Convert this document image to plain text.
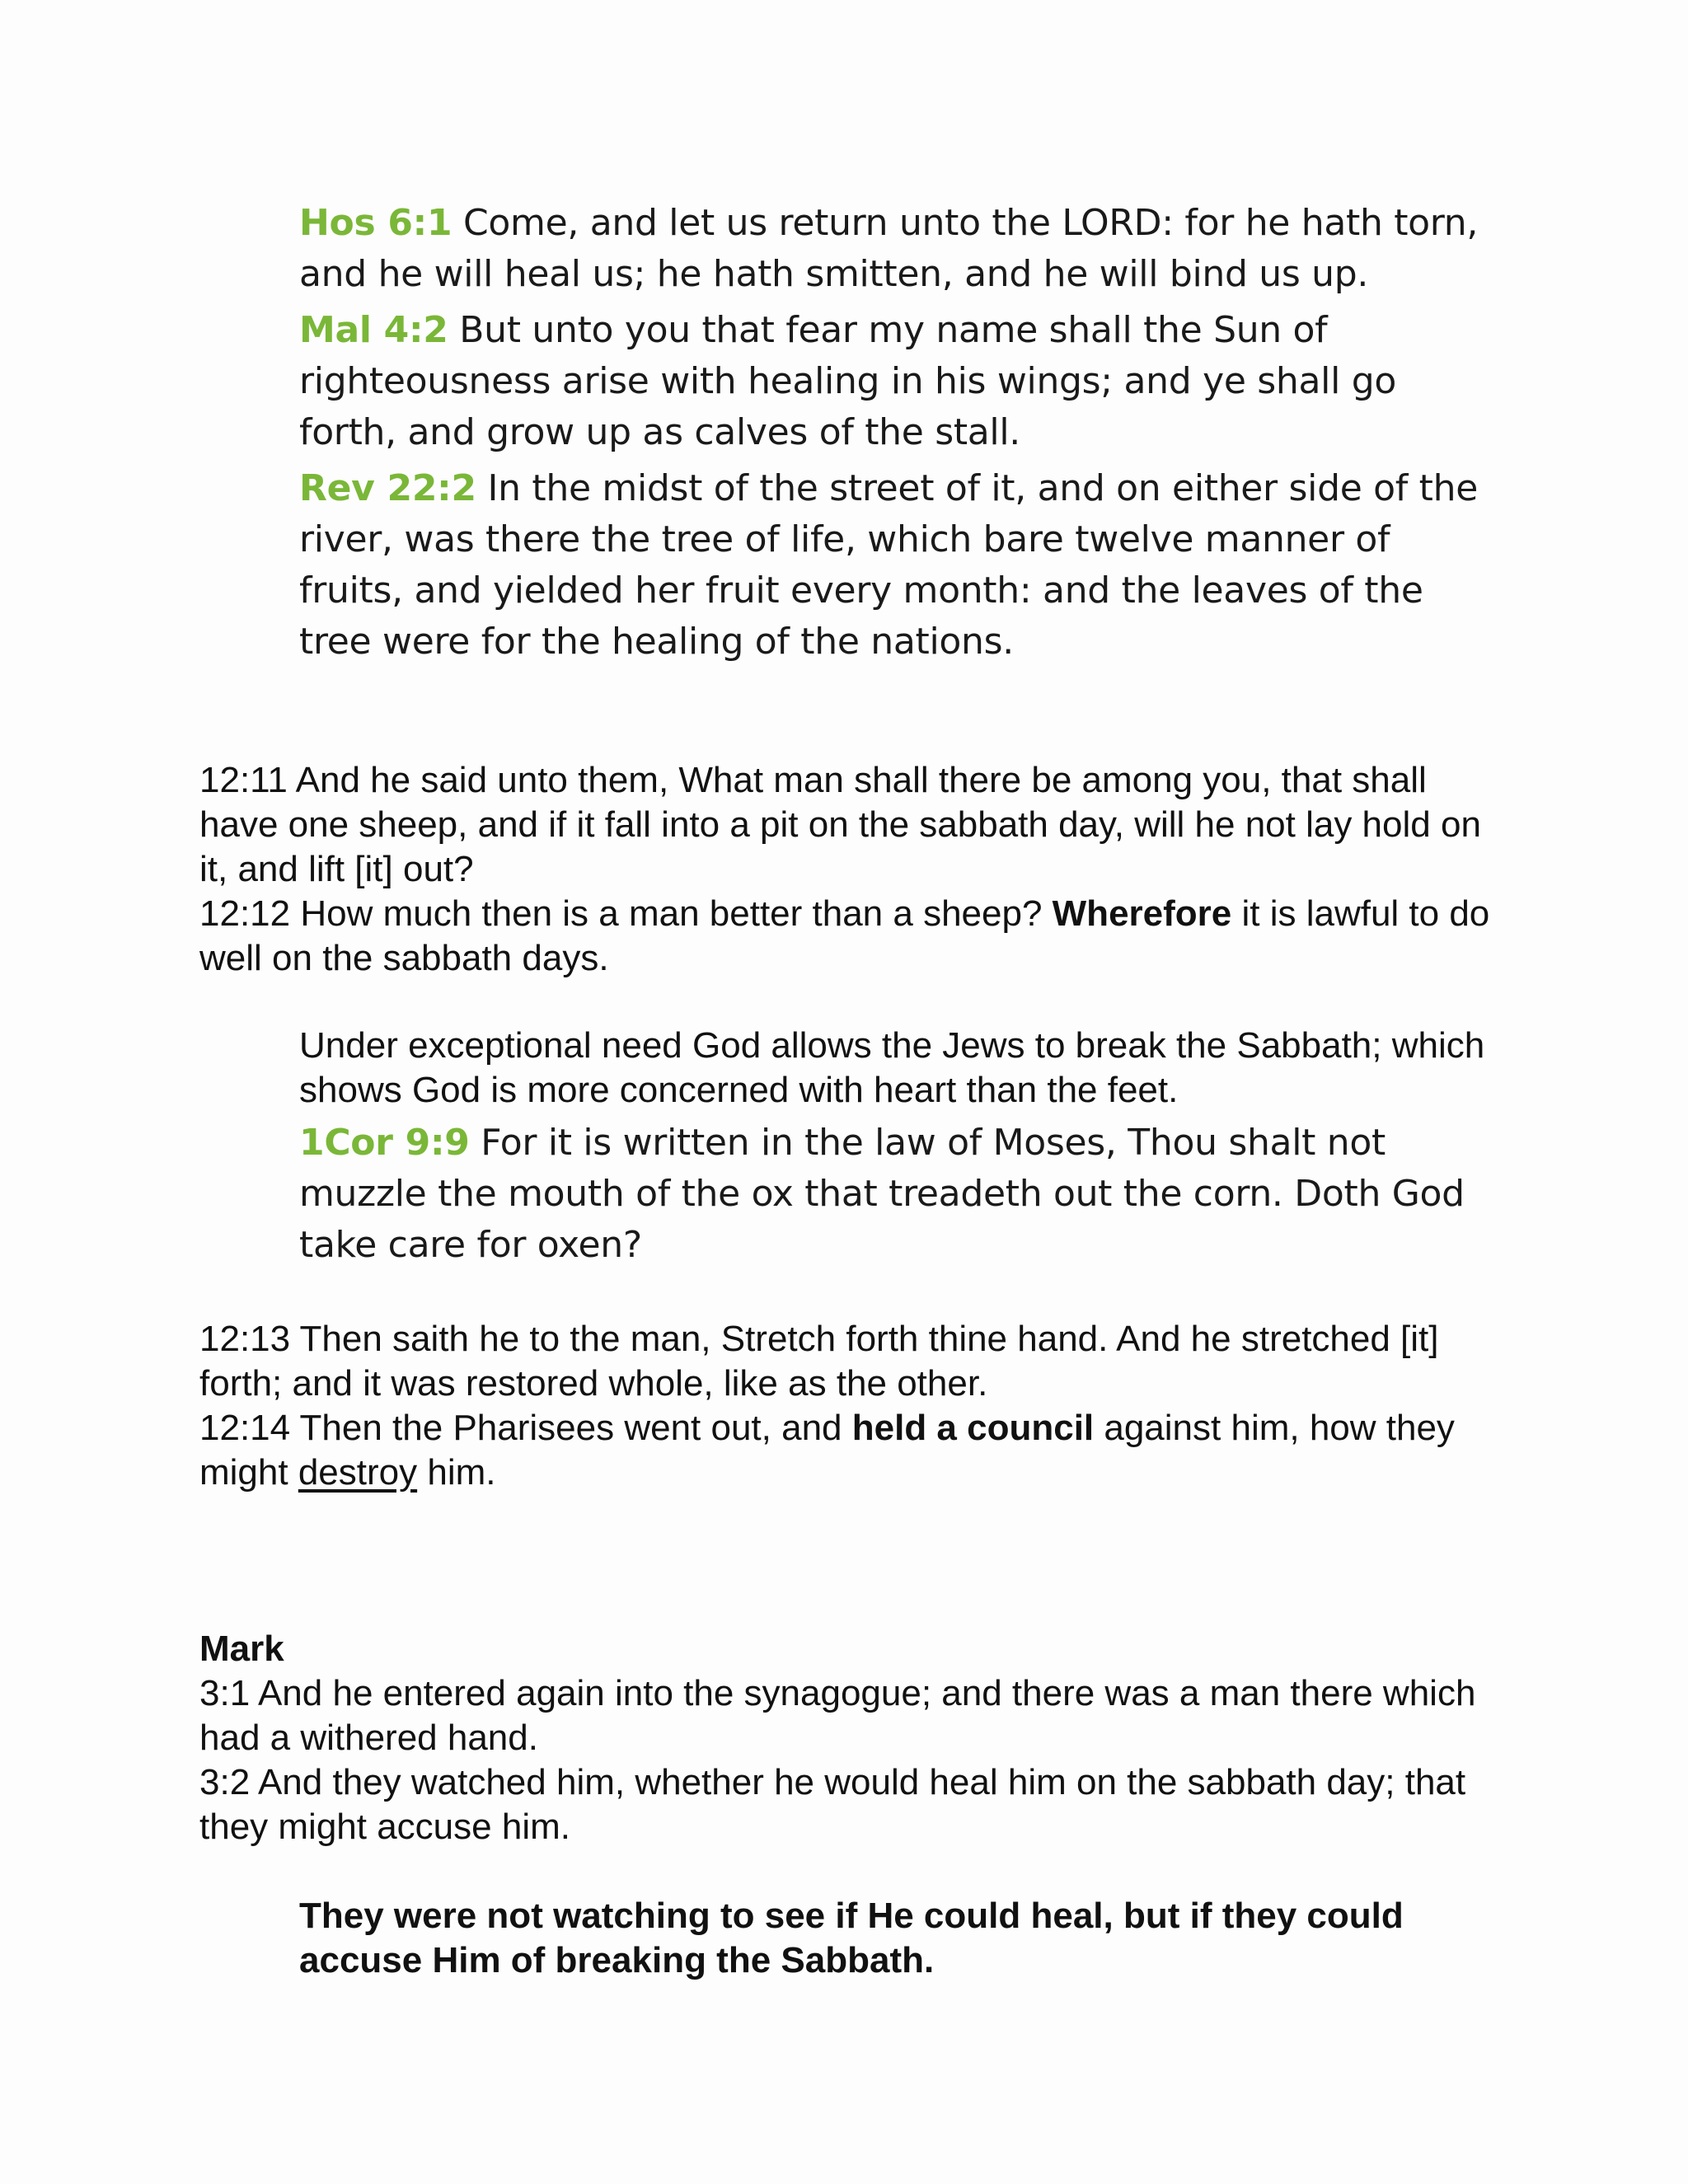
Hos 6:1 Come, and let us return unto the LORD: for he hath torn, and he will heal us; he hath smitten, and he will bind us up.

Mal 4:2 But unto you that fear my name shall the Sun of righteousness arise with healing in his wings; and ye shall go forth, and grow up as calves of the stall.

Rev 22:2 In the midst of the street of it, and on either side of the river, was there the tree of life, which bare twelve manner of fruits, and yielded her fruit every month: and the leaves of the tree were for the healing of the nations.

12:11 And he said unto them, What man shall there be among you, that shall have one sheep, and if it fall into a pit on the sabbath day, will he not lay hold on it, and lift [it] out?

12:12 How much then is a man better than a sheep? Wherefore it is lawful to do well on the sabbath days.

Under exceptional need God allows the Jews to break the Sabbath; which shows God is more concerned with heart than the feet.

1Cor 9:9 For it is written in the law of Moses, Thou shalt not muzzle the mouth of the ox that treadeth out the corn. Doth God take care for oxen?

12:13 Then saith he to the man, Stretch forth thine hand. And he stretched [it] forth; and it was restored whole, like as the other.

12:14 Then the Pharisees went out, and held a council against him, how they might destroy him.

Mark

3:1 And he entered again into the synagogue; and there was a man there which had a withered hand.

3:2 And they watched him, whether he would heal him on the sabbath day; that they might accuse him.

They were not watching to see if He could heal, but if they could accuse Him of breaking the Sabbath.
